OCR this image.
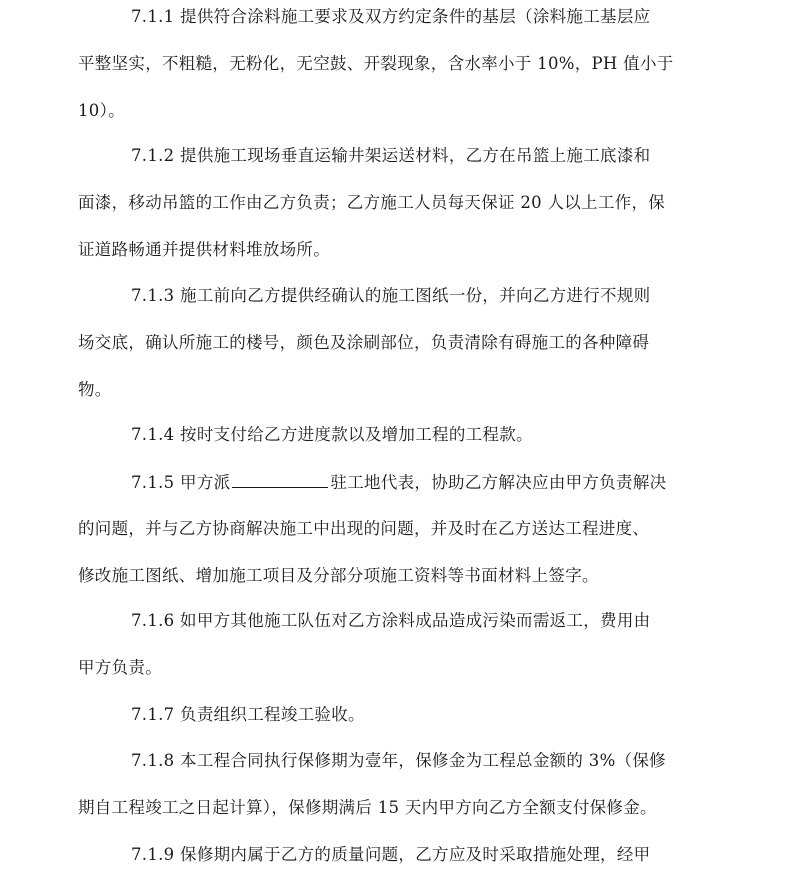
7.1.1 提供符合涂料施工要求及双方约定条件的基层（涂料施工基层应
平整坚实，不粗糙，无粉化，无空鼓、开裂现象，含水率小于 10%，PH 值小于
10）。
7.1.2 提供施工现场垂直运输井架运送材料，乙方在吊篮上施工底漆和
面漆，移动吊篮的工作由乙方负责；乙方施工人员每天保证 20 人以上工作，保
证道路畅通并提供材料堆放场所。
7.1.3 施工前向乙方提供经确认的施工图纸一份，并向乙方进行不规则
场交底，确认所施工的楼号，颜色及涂刷部位，负责清除有碍施工的各种障碍
物。
7.1.4 按时支付给乙方进度款以及增加工程的工程款。
7.1.5 甲方派	驻工地代表，协助乙方解决应由甲方负责解决
的问题，并与乙方协商解决施工中出现的问题，并及时在乙方送达工程进度、
修改施工图纸、增加施工项目及分部分项施工资料等书面材料上签字。
7.1.6 如甲方其他施工队伍对乙方涂料成品造成污染而需返工，费用由
甲方负责。
7.1.7 负责组织工程竣工验收。
7.1.8 本工程合同执行保修期为壹年，保修金为工程总金额的 3%（保修
期自工程竣工之日起计算），保修期满后 15 天内甲方向乙方全额支付保修金。
7.1.9 保修期内属于乙方的质量问题，乙方应及时采取措施处理，经甲
